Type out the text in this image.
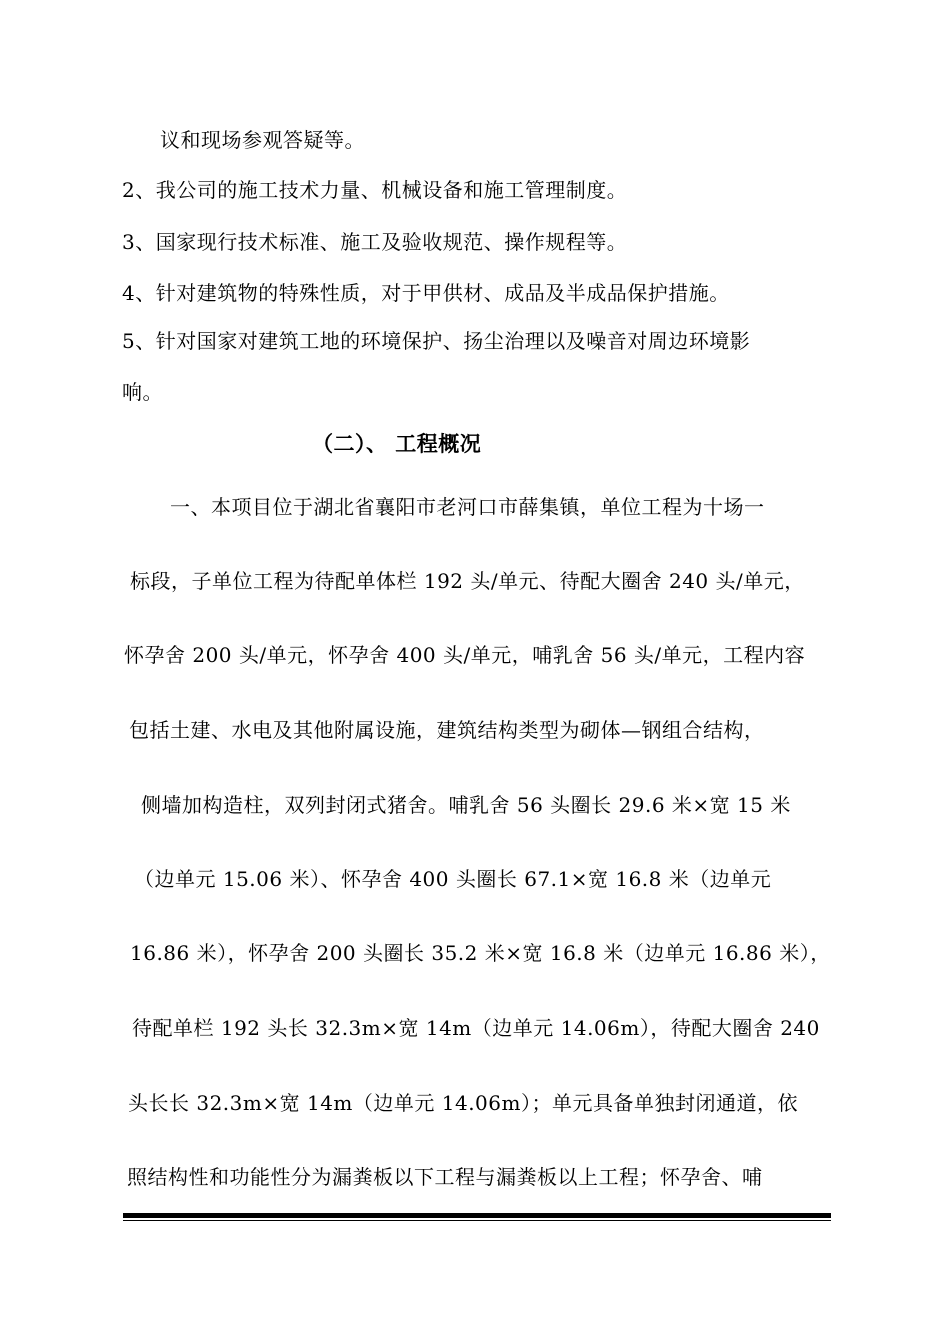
议和现场参观答疑等。
2、我公司的施工技术力量、机械设备和施工管理制度。
3、国家现行技术标准、施工及验收规范、操作规程等。
4、针对建筑物的特殊性质，对于甲供材、成品及半成品保护措施。
5、针对国家对建筑工地的环境保护、扬尘治理以及噪音对周边环境影
响。
（二）、 工程概况
一、本项目位于湖北省襄阳市老河口市薛集镇，单位工程为十场一
标段，子单位工程为待配单体栏 192 头/单元、待配大圈舍 240 头/单元，
怀孕舍 200 头/单元，怀孕舍 400 头/单元，哺乳舍 56 头/单元，工程内容
包括土建、水电及其他附属设施，建筑结构类型为砌体—钢组合结构，
侧墙加构造柱，双列封闭式猪舍。哺乳舍 56 头圈长 29.6 米×宽 15 米
（边单元 15.06 米）、怀孕舍 400 头圈长 67.1×宽 16.8 米（边单元
16.86 米），怀孕舍 200 头圈长 35.2 米×宽 16.8 米（边单元 16.86 米），
待配单栏 192 头长 32.3m×宽 14m（边单元 14.06m），待配大圈舍 240
头长长 32.3m×宽 14m（边单元 14.06m）；单元具备单独封闭通道，依
照结构性和功能性分为漏粪板以下工程与漏粪板以上工程；怀孕舍、哺
